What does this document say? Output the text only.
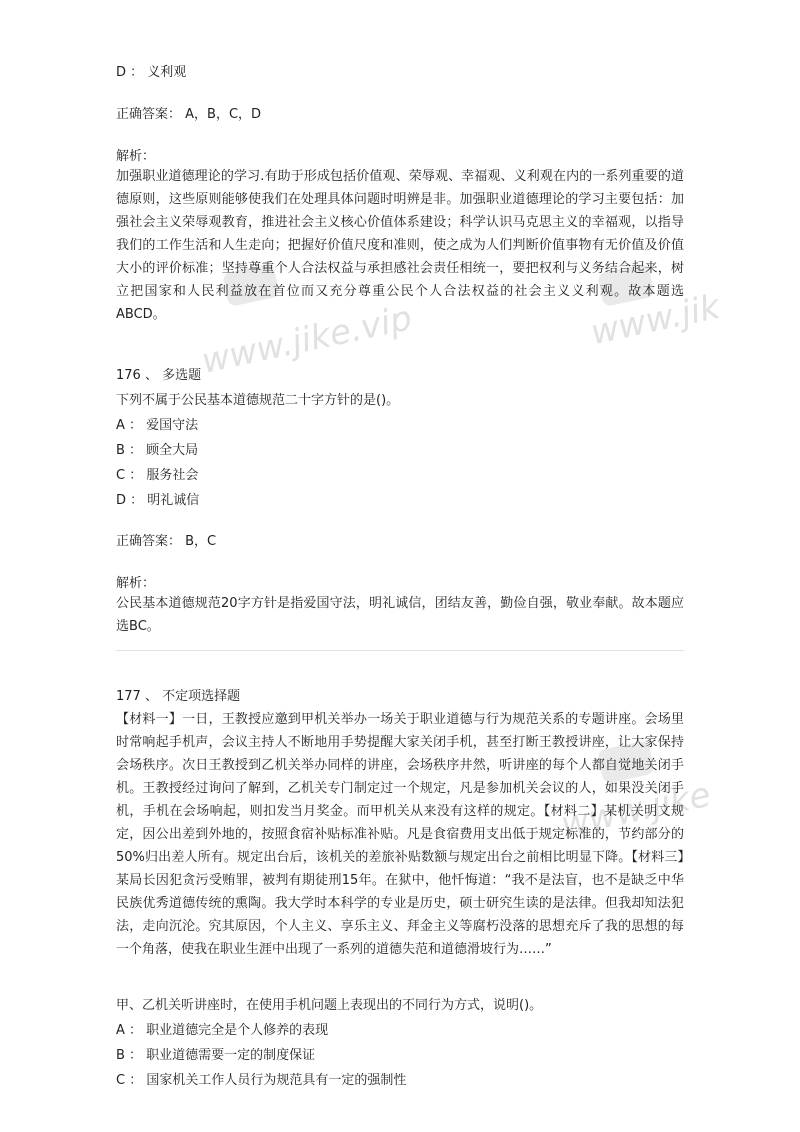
www.jike.vip	www.jik
www.jike
D ： 义利观
正确答案： A，B，C，D
解析：
加强职业道德理论的学习.有助于形成包括价值观、荣辱观、幸福观、义利观在内的一系列重要的道德原则，这些原则能够使我们在处理具体问题时明辨是非。加强职业道德理论的学习主要包括：加强社会主义荣辱观教育，推进社会主义核心价值体系建设；科学认识马克思主义的幸福观，以指导我们的工作生活和人生走向；把握好价值尺度和准则，使之成为人们判断价值事物有无价值及价值大小的评价标准；坚持尊重个人合法权益与承担感社会责任相统一，要把权利与义务结合起来，树立把国家和人民利益放在首位而又充分尊重公民个人合法权益的社会主义义利观。故本题选ABCD。
176 、 多选题
下列不属于公民基本道德规范二十字方针的是()。
A ： 爱国守法
B ： 顾全大局
C ： 服务社会
D ： 明礼诚信
正确答案： B，C
解析：
公民基本道德规范20字方针是指爱国守法，明礼诚信，团结友善，勤俭自强，敬业奉献。故本题应选BC。
177 、 不定项选择题
【材料一】一日，王教授应邀到甲机关举办一场关于职业道德与行为规范关系的专题讲座。会场里时常响起手机声，会议主持人不断地用手势提醒大家关闭手机，甚至打断王教授讲座，让大家保持会场秩序。次日王教授到乙机关举办同样的讲座，会场秩序井然，听讲座的每个人都自觉地关闭手机。王教授经过询问了解到，乙机关专门制定过一个规定，凡是参加机关会议的人，如果没关闭手机，手机在会场响起，则扣发当月奖金。而甲机关从来没有这样的规定。【材料二】某机关明文规定，因公出差到外地的，按照食宿补贴标准补贴。凡是食宿费用支出低于规定标准的，节约部分的50%归出差人所有。规定出台后，该机关的差旅补贴数额与规定出台之前相比明显下降。【材料三】某局长因犯贪污受贿罪，被判有期徒刑15年。在狱中，他忏悔道：“我不是法盲，也不是缺乏中华民族优秀道德传统的熏陶。我大学时本科学的专业是历史，硕士研究生读的是法律。但我却知法犯法，走向沉沦。究其原因，个人主义、享乐主义、拜金主义等腐朽没落的思想充斥了我的思想的每一个角落，使我在职业生涯中出现了一系列的道德失范和道德滑坡行为……”
甲、乙机关听讲座时，在使用手机问题上表现出的不同行为方式，说明()。
A ： 职业道德完全是个人修养的表现
B ： 职业道德需要一定的制度保证
C ： 国家机关工作人员行为规范具有一定的强制性
